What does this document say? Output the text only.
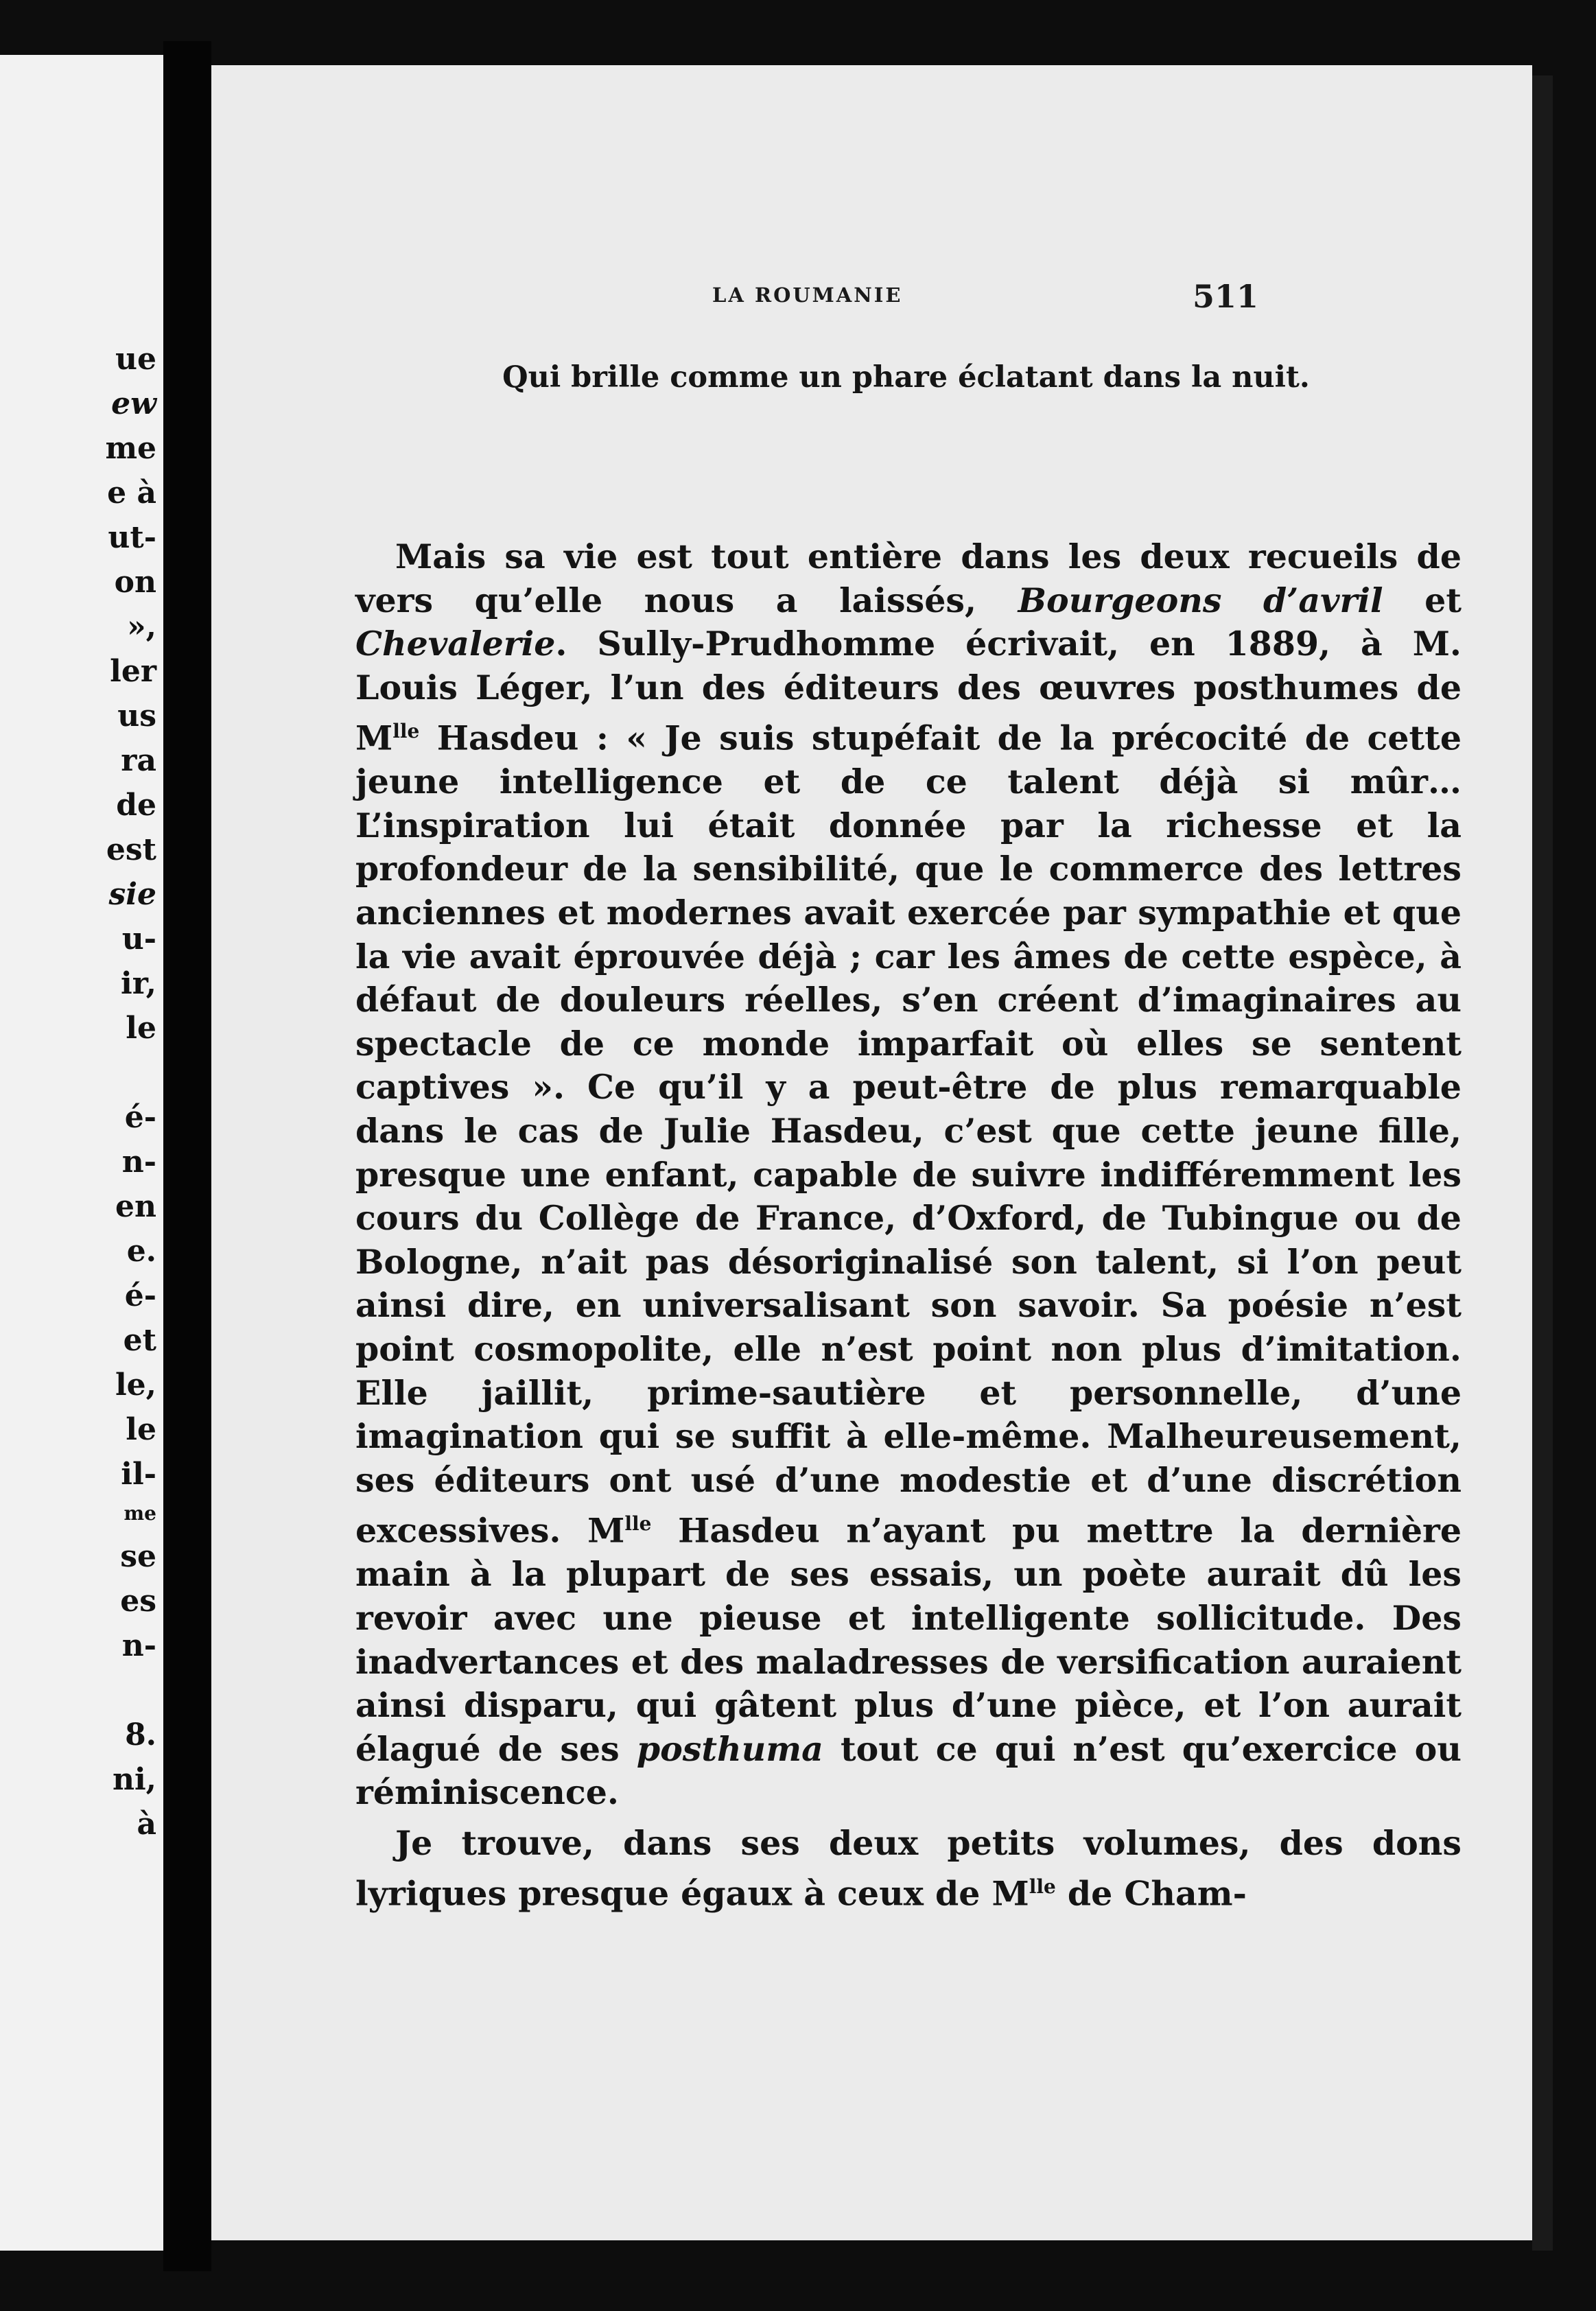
ue
ew
me
e à
ut-
on
»,
ler
us
ra
de
est
sie
u-
ir,
le
é-
n-
en
e.
é-
et
le,
le
il-
me
se
es
n-
8.
ni,
à
LA ROUMANIE	511
Qui brille comme un phare éclatant dans la nuit.

Mais sa vie est tout entière dans les deux recueils de vers qu’elle nous a laissés, Bourgeons d’avril et Chevalerie. Sully-Prudhomme écrivait, en 1889, à M. Louis Léger, l’un des éditeurs des œuvres posthumes de $M^{lle}$ Hasdeu : « Je suis stupéfait de la précocité de cette jeune intelligence et de ce talent déjà si mûr… L’inspiration lui était donnée par la richesse et la profondeur de la sensibilité, que le commerce des lettres anciennes et modernes avait exercée par sympathie et que la vie avait éprouvée déjà ; car les âmes de cette espèce, à défaut de douleurs réelles, s’en créent d’imaginaires au spectacle de ce monde imparfait où elles se sentent captives ». Ce qu’il y a peut-être de plus remarquable dans le cas de Julie Hasdeu, c’est que cette jeune fille, presque une enfant, capable de suivre indifféremment les cours du Collège de France, d’Oxford, de Tubingue ou de Bologne, n’ait pas désoriginalisé son talent, si l’on peut ainsi dire, en universalisant son savoir. Sa poésie n’est point cosmopolite, elle n’est point non plus d’imitation. Elle jaillit, prime-sautière et personnelle, d’une imagination qui se suffit à elle-même. Malheureusement, ses éditeurs ont usé d’une modestie et d’une discrétion excessives. $M^{lle}$ Hasdeu n’ayant pu mettre la dernière main à la plupart de ses essais, un poète aurait dû les revoir avec une pieuse et intelligente sollicitude. Des inadvertances et des maladresses de versification auraient ainsi disparu, qui gâtent plus d’une pièce, et l’on aurait élagué de ses posthuma tout ce qui n’est qu’exercice ou réminiscence.

Je trouve, dans ses deux petits volumes, des dons lyriques presque égaux à ceux de $M^{lle}$ de Cham-
